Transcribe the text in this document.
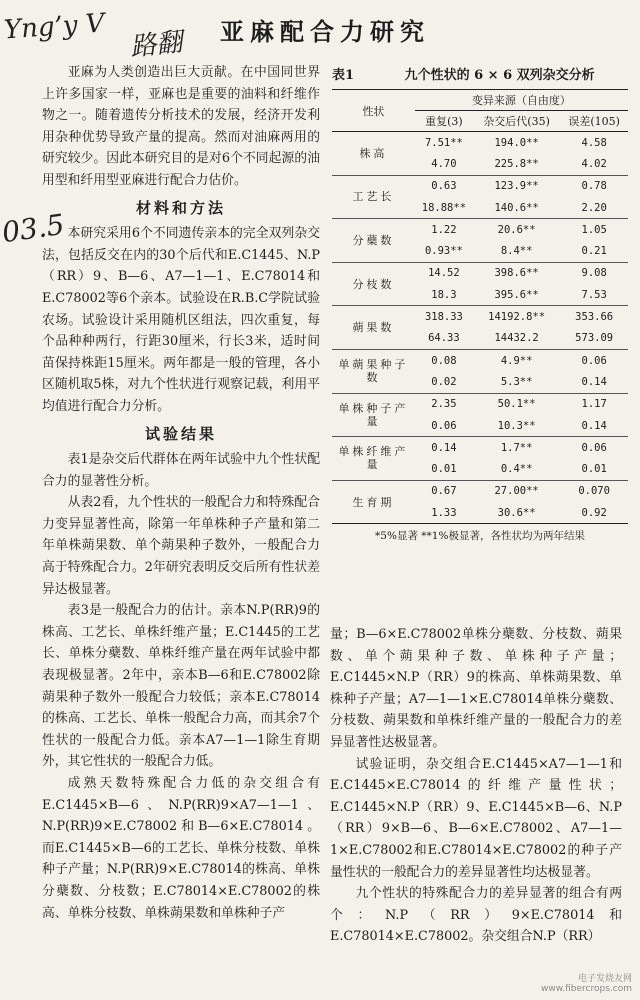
Yng’y V 路翻
03.5
亚麻配合力研究

亚麻为人类创造出巨大贡献。在中国同世界上许多国家一样，亚麻也是重要的油料和纤维作物之一。随着遗传分析技术的发展，经济开发利用杂种优势导致产量的提高。然而对油麻两用的研究较少。因此本研究目的是对6个不同起源的油用型和纤用型亚麻进行配合力估价。

材料和方法

本研究采用6个不同遗传亲本的完全双列杂交法，包括反交在内的30个后代和E.C1445、N.P（RR）9、B—6、A7—1—1、E.C78014和E.C78002等6个亲本。试验设在R.B.C学院试验农场。试验设计采用随机区组法，四次重复，每个品种种两行，行距30厘米，行长3米，适时间苗保持株距15厘米。两年都是一般的管理，各小区随机取5株，对九个性状进行观察记载，利用平均值进行配合力分析。

试验结果

表1是杂交后代群体在两年试验中九个性状配合力的显著性分析。

从表2看，九个性状的一般配合力和特殊配合力变异显著性高，除第一年单株种子产量和第二年单株蒴果数、单个蒴果种子数外，一般配合力高于特殊配合力。2年研究表明反交后所有性状差异达极显著。

表3是一般配合力的估计。亲本N.P(RR)9的株高、工艺长、单株纤维产量；E.C1445的工艺长、单株分蘗数、单株纤维产量在两年试验中都表现极显著。2年中，亲本B—6和E.C78002除蒴果种子数外一般配合力较低；亲本E.C78014的株高、工艺长、单株一般配合力高，而其余7个性状的一般配合力低。亲本A7—1—1除生育期外，其它性状的一般配合力低。

成熟天数特殊配合力低的杂交组合有E.C1445×B—6、N.P(RR)9×A7—1—1、N.P(RR)9×E.C78002和B—6×E.C78014。而E.C1445×B—6的工艺长、单株分枝数、单株种子产量；N.P(RR)9×E.C78014的株高、单株分蘗数、分枝数；E.C78014×E.C78002的株高、单株分枝数、单株蒴果数和单株种子产

表1	九个性状的 6 × 6 双列杂交分析
性状	变异来源（自由度）		
	重复(3)	杂交后代(35)	误差(105)
株高	7.51**	194.0**	4.58
	4.70	225.8**	4.02
工艺长	0.63	123.9**	0.78
	18.88**	140.6**	2.20
分蘗数	1.22	20.6**	1.05
	0.93**	8.4**	0.21
分枝数	14.52	398.6**	9.08
	18.3	395.6**	7.53
蒴果数	318.33	14192.8**	353.66
	64.33	14432.2	573.09
单蒴果种子数	0.08	4.9**	0.06
	0.02	5.3**	0.14
单株种子产量	2.35	50.1**	1.17
	0.06	10.3**	0.14
单株纤维产量	0.14	1.7**	0.06
	0.01	0.4**	0.01
生育期	0.67	27.00**	0.070
	1.33	30.6**	0.92
*5%显著 **1%极显著，各性状均为两年结果

量；B—6×E.C78002单株分蘗数、分枝数、蒴果数、单个蒴果种子数、单株种子产量；E.C1445×N.P（RR）9的株高、单株蒴果数、单株种子产量；A7—1—1×E.C78014单株分蘗数、分枝数、蒴果数和单株纤维产量的一般配合力的差异显著性达极显著。

试验证明，杂交组合E.C1445×A7—1—1和E.C1445×E.C78014的纤维产量性状；E.C1445×N.P（RR）9、E.C1445×B—6、N.P（RR）9×B—6、B—6×E.C78002、A7—1—1×E.C78002和E.C78014×E.C78002的种子产量性状的一般配合力的差异显著性均达极显著。

九个性状的特殊配合力的差异显著的组合有两个：N.P（RR）9×E.C78014和E.C78014×E.C78002。杂交组合N.P（RR）

电子发烧友网
www.fibercrops.com
